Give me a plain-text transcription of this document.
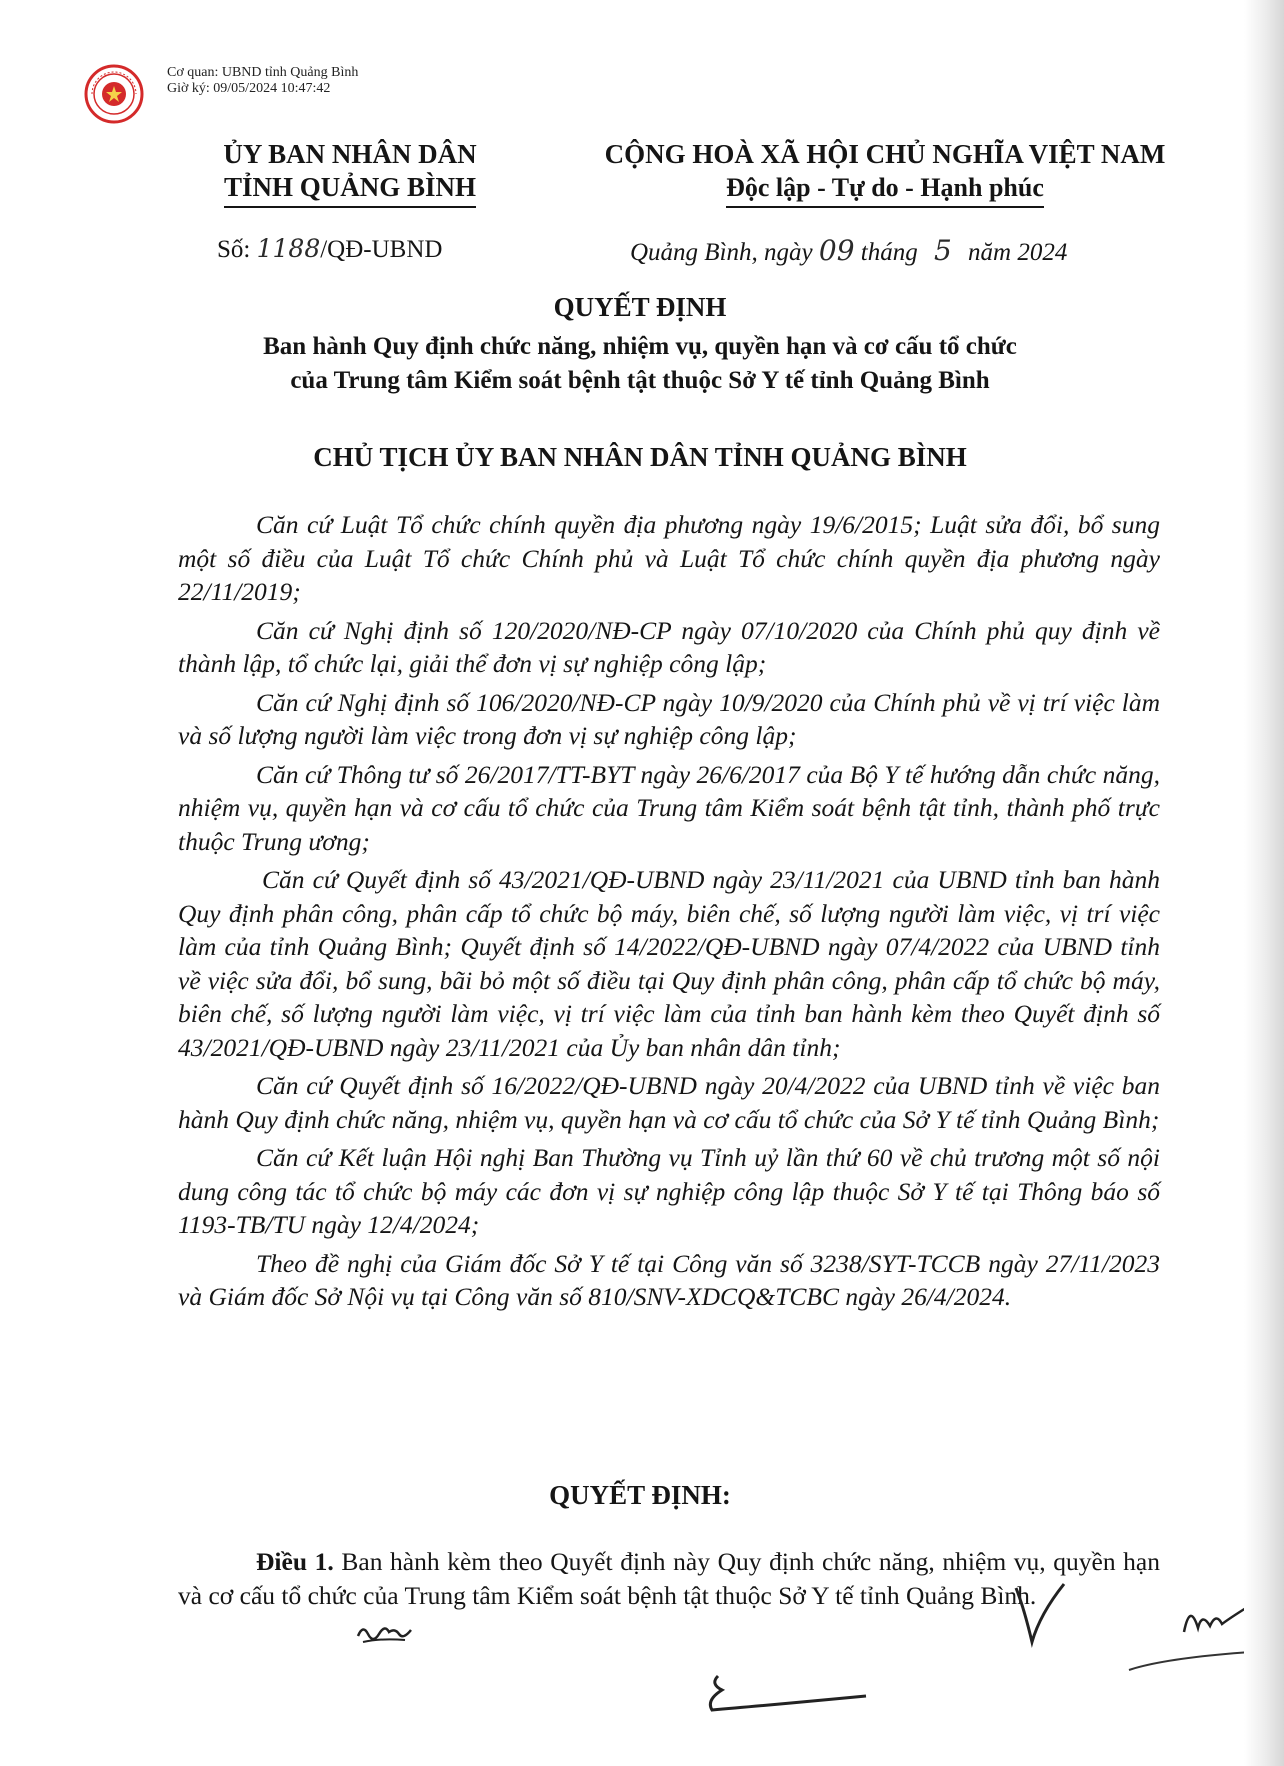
Cơ quan: UBND tỉnh Quảng Bình
Giờ ký: 09/05/2024 10:47:42
ỦY BAN NHÂN DÂN
TỈNH QUẢNG BÌNH
CỘNG HOÀ XÃ HỘI CHỦ NGHĨA VIỆT NAM
Độc lập - Tự do - Hạnh phúc
Số: 1188/QĐ-UBND	Quảng Bình, ngày 09 tháng 5 năm 2024
QUYẾT ĐỊNH
Ban hành Quy định chức năng, nhiệm vụ, quyền hạn và cơ cấu tổ chức
của Trung tâm Kiểm soát bệnh tật thuộc Sở Y tế tỉnh Quảng Bình
CHỦ TỊCH ỦY BAN NHÂN DÂN TỈNH QUẢNG BÌNH

Căn cứ Luật Tổ chức chính quyền địa phương ngày 19/6/2015; Luật sửa đổi, bổ sung một số điều của Luật Tổ chức Chính phủ và Luật Tổ chức chính quyền địa phương ngày 22/11/2019;

Căn cứ Nghị định số 120/2020/NĐ-CP ngày 07/10/2020 của Chính phủ quy định về thành lập, tổ chức lại, giải thể đơn vị sự nghiệp công lập;

Căn cứ Nghị định số 106/2020/NĐ-CP ngày 10/9/2020 của Chính phủ về vị trí việc làm và số lượng người làm việc trong đơn vị sự nghiệp công lập;

Căn cứ Thông tư số 26/2017/TT-BYT ngày 26/6/2017 của Bộ Y tế hướng dẫn chức năng, nhiệm vụ, quyền hạn và cơ cấu tổ chức của Trung tâm Kiểm soát bệnh tật tỉnh, thành phố trực thuộc Trung ương;

Căn cứ Quyết định số 43/2021/QĐ-UBND ngày 23/11/2021 của UBND tỉnh ban hành Quy định phân công, phân cấp tổ chức bộ máy, biên chế, số lượng người làm việc, vị trí việc làm của tỉnh Quảng Bình; Quyết định số 14/2022/QĐ-UBND ngày 07/4/2022 của UBND tỉnh về việc sửa đổi, bổ sung, bãi bỏ một số điều tại Quy định phân công, phân cấp tổ chức bộ máy, biên chế, số lượng người làm việc, vị trí việc làm của tỉnh ban hành kèm theo Quyết định số 43/2021/QĐ-UBND ngày 23/11/2021 của Ủy ban nhân dân tỉnh;

Căn cứ Quyết định số 16/2022/QĐ-UBND ngày 20/4/2022 của UBND tỉnh về việc ban hành Quy định chức năng, nhiệm vụ, quyền hạn và cơ cấu tổ chức của Sở Y tế tỉnh Quảng Bình;

Căn cứ Kết luận Hội nghị Ban Thường vụ Tỉnh uỷ lần thứ 60 về chủ trương một số nội dung công tác tổ chức bộ máy các đơn vị sự nghiệp công lập thuộc Sở Y tế tại Thông báo số 1193-TB/TU ngày 12/4/2024;

Theo đề nghị của Giám đốc Sở Y tế tại Công văn số 3238/SYT-TCCB ngày 27/11/2023 và Giám đốc Sở Nội vụ tại Công văn số 810/SNV-XDCQ&TCBC ngày 26/4/2024.

QUYẾT ĐỊNH:

Điều 1. Ban hành kèm theo Quyết định này Quy định chức năng, nhiệm vụ, quyền hạn và cơ cấu tổ chức của Trung tâm Kiểm soát bệnh tật thuộc Sở Y tế tỉnh Quảng Bình.
